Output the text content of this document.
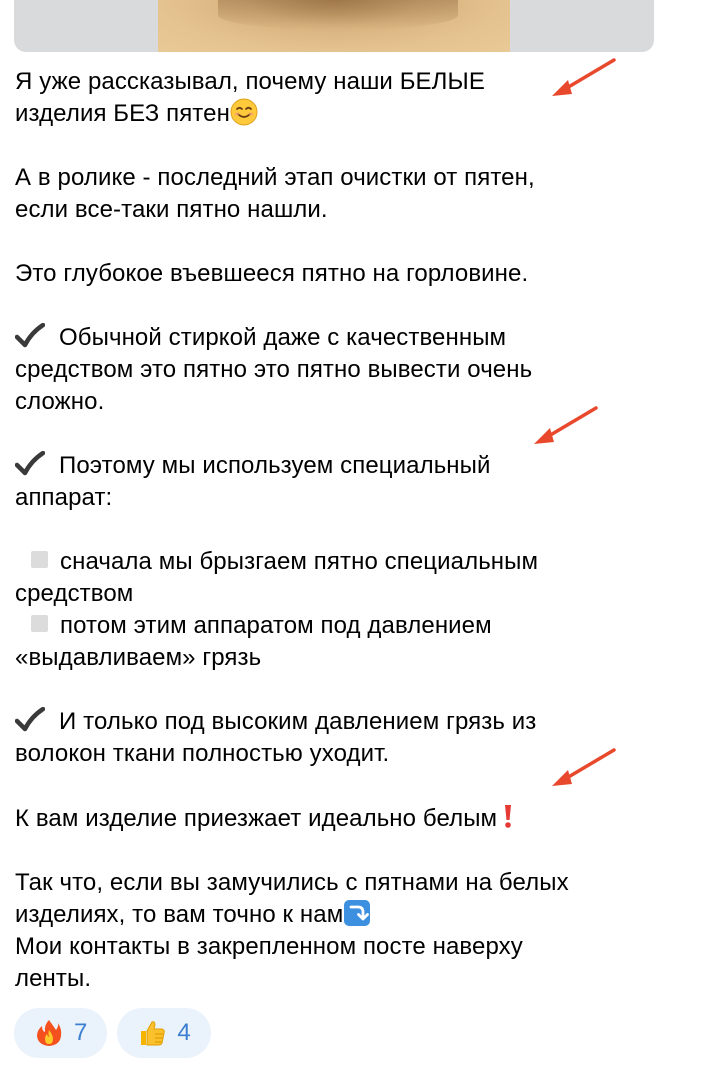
Я уже рассказывал, почему наши БЕЛЫЕ
изделия БЕЗ пятен
А в ролике - последний этап очистки от пятен,
если все-таки пятно нашли.
Это глубокое въевшееся пятно на горловине.
Обычной стиркой даже с качественным
средством это пятно это пятно вывести очень
сложно.
Поэтому мы используем специальный
аппарат:
сначала мы брызгаем пятно специальным
средством
потом этим аппаратом под давлением
«выдавливаем» грязь
И только под высоким давлением грязь из
волокон ткани полностью уходит.
К вам изделие приезжает идеально белым
Так что, если вы замучились с пятнами на белых
изделиях, то вам точно к нам
Мои контакты в закрепленном посте наверху
ленты.
7	4
